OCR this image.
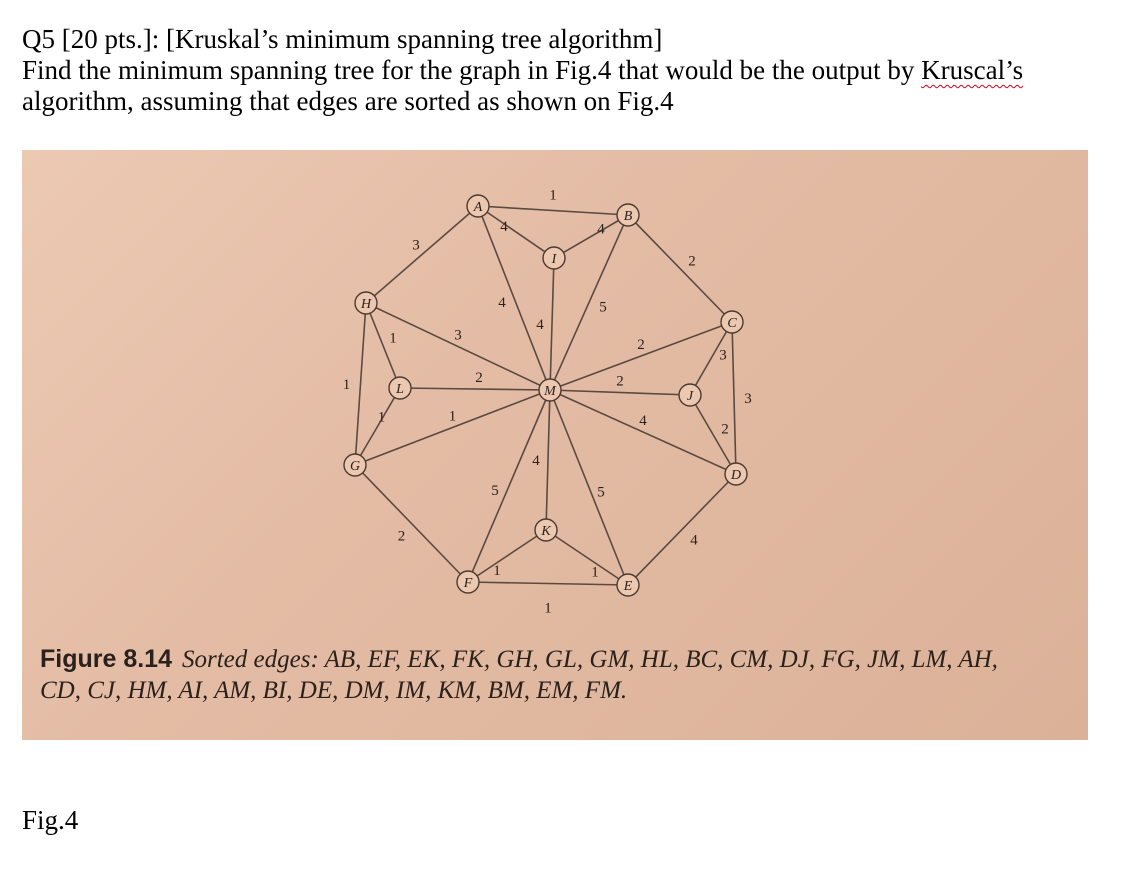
Q5 [20 pts.]: [Kruskal’s minimum spanning tree algorithm]
Find the minimum spanning tree for the graph in Fig.4 that would be the output by Kruscal’s
algorithm, assuming that edges are sorted as shown on Fig.4
1
1
1
1
1
1	1
1
2
2
2
2
2
2
3
3
3
3
4
4
4
4
4
4
4
5
5
5
A
B
C
D
E
F
G
H
I
J
K
L	M
Figure 8.14 Sorted edges: AB, EF, EK, FK, GH, GL, GM, HL, BC, CM, DJ, FG, JM, LM, AH,
CD, CJ, HM, AI, AM, BI, DE, DM, IM, KM, BM, EM, FM.
Fig.4
